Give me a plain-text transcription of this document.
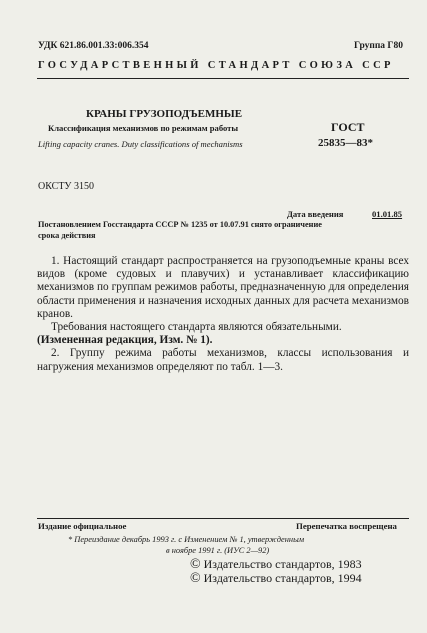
УДК 621.86.001.33:006.354	Группа Г80
ГОСУДАРСТВЕННЫЙ СТАНДАРТ СОЮЗА ССР
КРАНЫ ГРУЗОПОДЪЕМНЫЕ
Классификация механизмов по режимам работы
Lifting capacity cranes. Duty classifications of mechanisms
ГОСТ
25835—83*
ОКСТУ 3150
Дата введения	01.01.85
Постановлением Госстандарта СССР № 1235 от 10.07.91 снято ограничение
срока действия

1. Настоящий стандарт распространяется на грузоподъемные краны всех видов (кроме судовых и плавучих) и устанавливает классификацию механизмов по группам режимов работы, предназначенную для определения области применения и назначения исходных данных для расчета механизмов кранов.

Требования настоящего стандарта являются обязательными.

(Измененная редакция, Изм. № 1).

2. Группу режима работы механизмов, классы использования и нагружения механизмов определяют по табл. 1—3.

Издание официальное	Перепечатка воспрещена
* Переиздание декабрь 1993 г. с Изменением № 1, утвержденным
в ноябре 1991 г. (ИУС 2—92)
© Издательство стандартов, 1983
© Издательство стандартов, 1994
